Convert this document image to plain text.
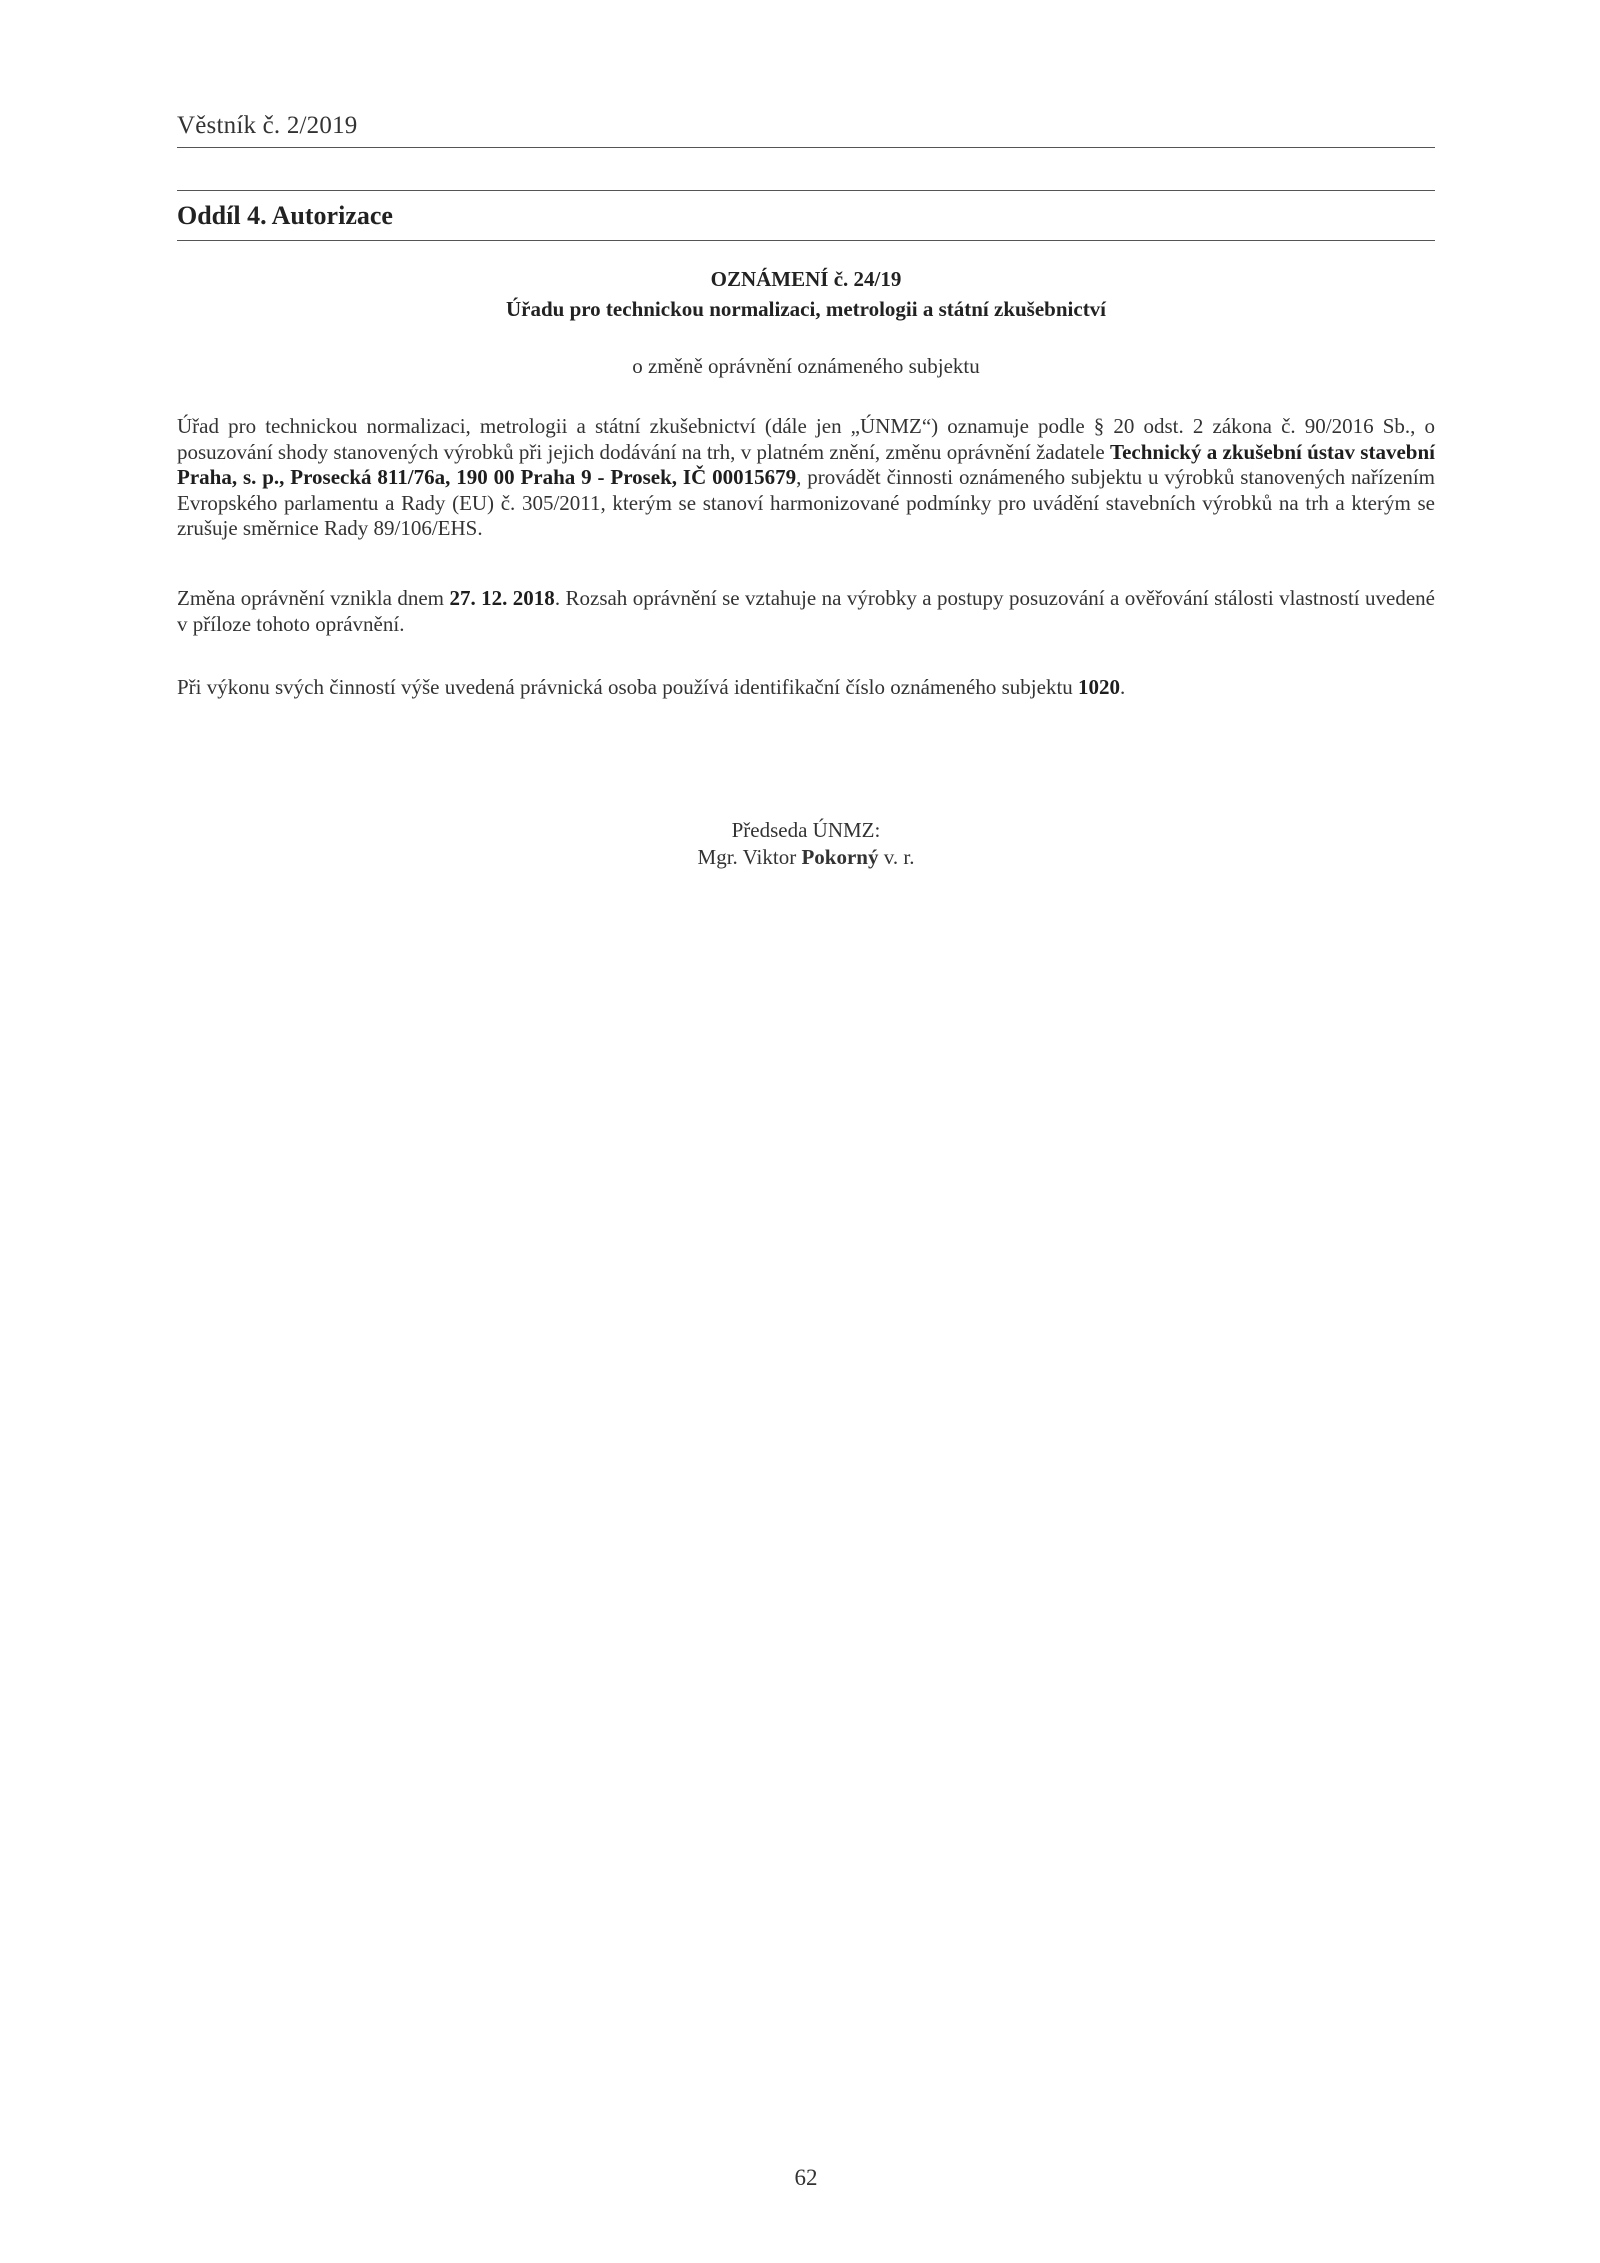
Věstník č. 2/2019
Oddíl 4. Autorizace
OZNÁMENÍ č. 24/19
Úřadu pro technickou normalizaci, metrologii a státní zkušebnictví
o změně oprávnění oznámeného subjektu
Úřad pro technickou normalizaci, metrologii a státní zkušebnictví (dále jen „ÚNMZ“) oznamuje podle § 20 odst. 2 zákona č. 90/2016 Sb., o posuzování shody stanovených výrobků při jejich dodávání na trh, v platném znění, změnu oprávnění žadatele Technický a zkušební ústav stavební Praha, s. p., Prosecká 811/76a, 190 00 Praha 9 - Prosek, IČ 00015679, provádět činnosti oznámeného subjektu u výrobků stanovených nařízením Evropského parlamentu a Rady (EU) č. 305/2011, kterým se stanoví harmonizované podmínky pro uvádění stavebních výrobků na trh a kterým se zrušuje směrnice Rady 89/106/EHS.
Změna oprávnění vznikla dnem 27. 12. 2018. Rozsah oprávnění se vztahuje na výrobky a postupy posuzování a ověřování stálosti vlastností uvedené v příloze tohoto oprávnění.
Při výkonu svých činností výše uvedená právnická osoba používá identifikační číslo oznámeného subjektu 1020.
Předseda ÚNMZ:
Mgr. Viktor Pokorný v. r.
62
